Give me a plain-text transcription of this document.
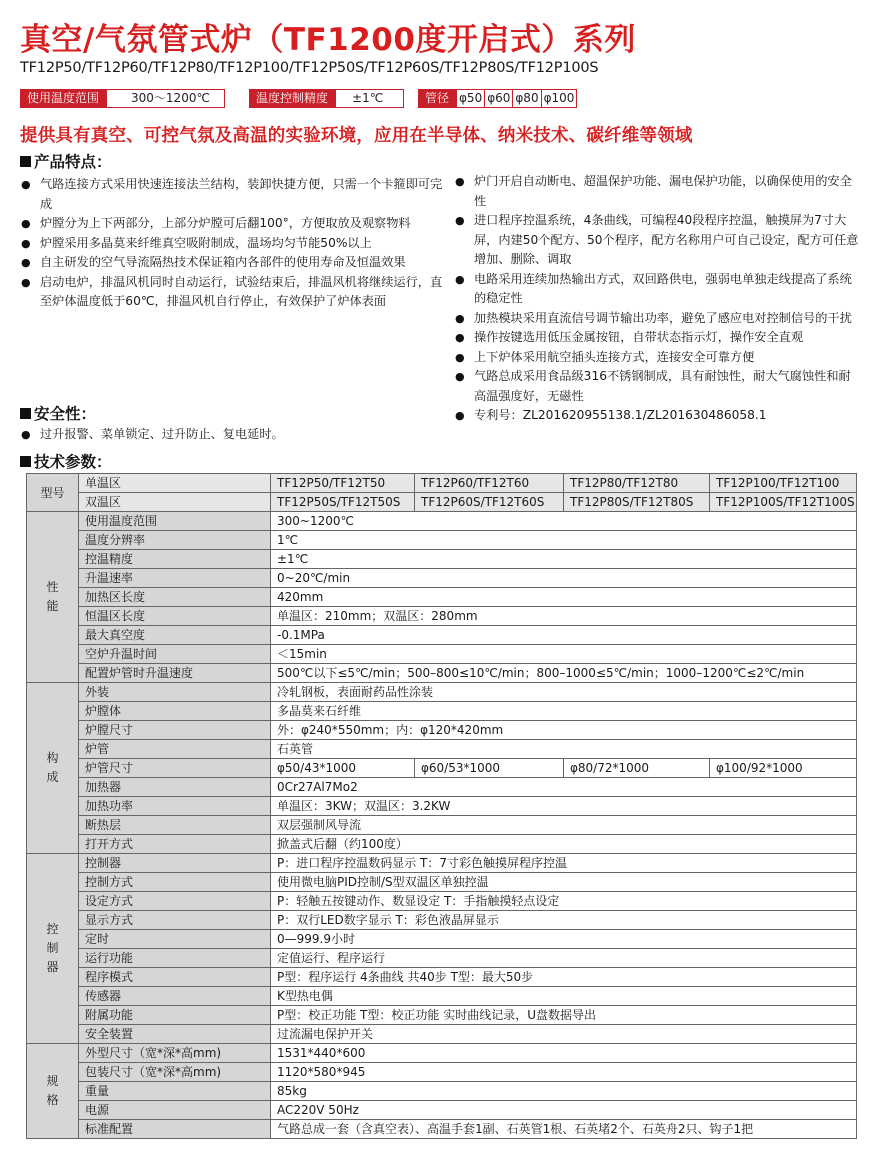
真空/气氛管式炉（TF1200度开启式）系列
TF12P50/TF12P60/TF12P80/TF12P100/TF12P50S/TF12P60S/TF12P80S/TF12P100S
使用温度范围	300～1200℃	温度控制精度	±1℃	管径 φ50 φ60 φ80 φ100
提供具有真空、可控气氛及高温的实验环境，应用在半导体、纳米技术、碳纤维等领域
产品特点：
● 气路连接方式采用快速连接法兰结构，装卸快捷方便，只需一个卡箍即可完成
● 炉膛分为上下两部分，上部分炉膛可后翻100°，方便取放及观察物料
● 炉膛采用多晶莫来纤维真空吸附制成，温场均匀节能50%以上
● 自主研发的空气导流隔热技术保证箱内各部件的使用寿命及恒温效果
● 启动电炉，排温风机同时自动运行，试验结束后，排温风机将继续运行，直至炉体温度低于60℃，排温风机自行停止，有效保护了炉体表面
● 炉门开启自动断电、超温保护功能、漏电保护功能，以确保使用的安全性
● 进口程序控温系统，4条曲线，可编程40段程序控温，触摸屏为7寸大屏，内建50个配方、50个程序，配方名称用户可自己设定，配方可任意增加、删除、调取
● 电路采用连续加热输出方式，双回路供电，强弱电单独走线提高了系统的稳定性
● 加热模块采用直流信号调节输出功率，避免了感应电对控制信号的干扰
● 操作按键选用低压金属按钮，自带状态指示灯，操作安全直观
● 上下炉体采用航空插头连接方式，连接安全可靠方便
● 气路总成采用食品级316不锈钢制成，具有耐蚀性，耐大气腐蚀性和耐高温强度好，无磁性
● 专利号：ZL201620955138.1/ZL201630486058.1
安全性：
● 过升报警、菜单锁定、过升防止、复电延时。
技术参数：
型号	单温区	TF12P50/TF12T50	TF12P60/TF12T60	TF12P80/TF12T80	TF12P100/TF12T100
	双温区	TF12P50S/TF12T50S	TF12P60S/TF12T60S	TF12P80S/TF12T80S	TF12P100S/TF12T100S
性能	使用温度范围	300~1200℃			
	温度分辨率	1℃			
	控温精度	±1℃			
	升温速率	0~20℃/min			
	加热区长度	420mm			
	恒温区长度	单温区：210mm；双温区：280mm			
	最大真空度	-0.1MPa			
	空炉升温时间	＜15min			
	配置炉管时升温速度	500℃以下≤5℃/min；500–800≤10℃/min；800–1000≤5℃/min；1000–1200℃≤2℃/min			
构成	外装	冷轧钢板，表面耐药品性涂装			
	炉膛体	多晶莫来石纤维			
	炉膛尺寸	外：φ240*550mm；内：φ120*420mm			
	炉管	石英管			
	炉管尺寸	φ50/43*1000	φ60/53*1000	φ80/72*1000	φ100/92*1000
	加热器	0Cr27Al7Mo2			
	加热功率	单温区：3KW；双温区：3.2KW			
	断热层	双层强制风导流			
	打开方式	掀盖式后翻（约100度）			
控制器	控制器	P：进口程序控温数码显示 T：7寸彩色触摸屏程序控温			
	控制方式	使用微电脑PID控制/S型双温区单独控温			
	设定方式	P：轻触五按键动作、数显设定 T：手指触摸轻点设定			
	显示方式	P：双行LED数字显示 T：彩色液晶屏显示			
	定时	0—999.9小时			
	运行功能	定值运行、程序运行			
	程序模式	P型：程序运行 4条曲线 共40步 T型：最大50步			
	传感器	K型热电偶			
	附属功能	P型：校正功能 T型：校正功能 实时曲线记录，U盘数据导出			
	安全装置	过流漏电保护开关			
规格	外型尺寸（宽*深*高mm)	1531*440*600			
	包装尺寸（宽*深*高mm)	1120*580*945			
	重量	85kg			
	电源	AC220V 50Hz			
	标准配置	气路总成一套（含真空表）、高温手套1副、石英管1根、石英堵2个、石英舟2只、钩子1把			
